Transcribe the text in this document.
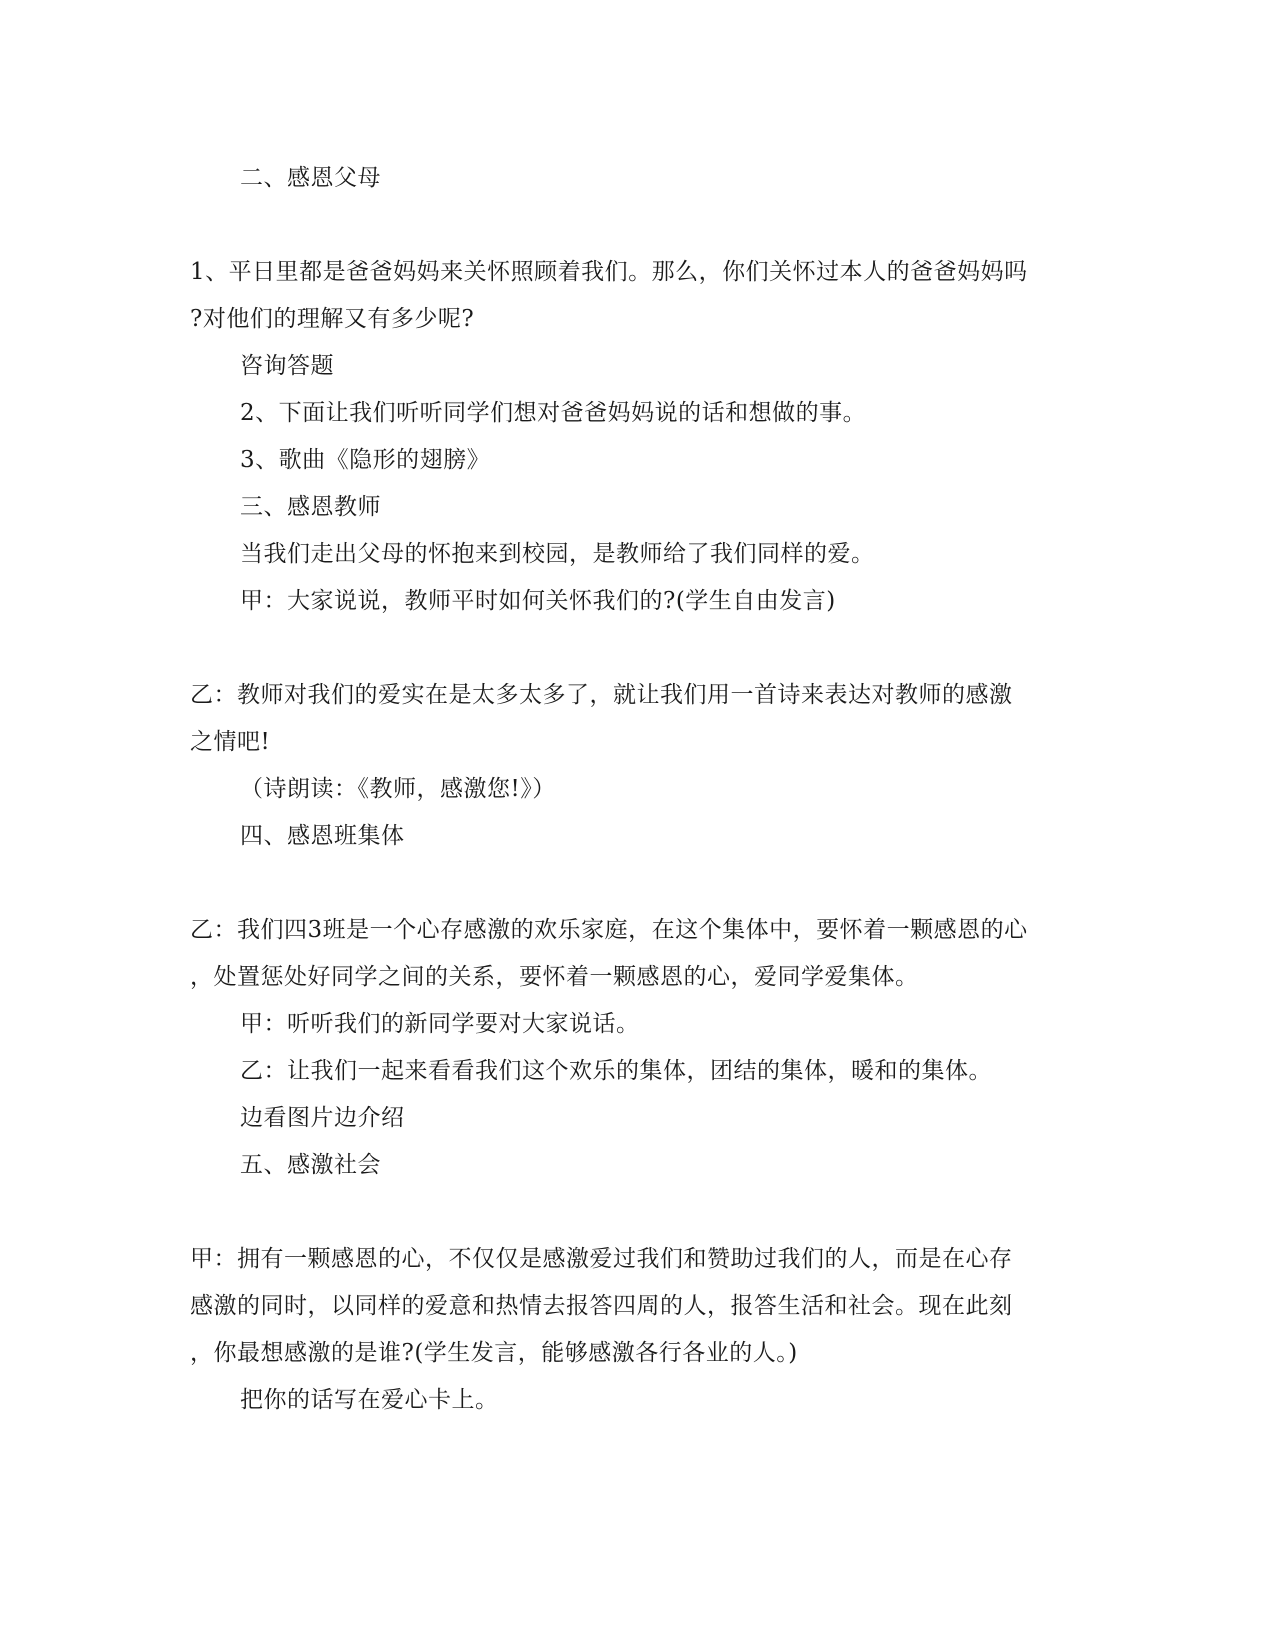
二、感恩父母
1、平日里都是爸爸妈妈来关怀照顾着我们。那么，你们关怀过本人的爸爸妈妈吗
?对他们的理解又有多少呢?
咨询答题
2、下面让我们听听同学们想对爸爸妈妈说的话和想做的事。
3、歌曲《隐形的翅膀》
三、感恩教师
当我们走出父母的怀抱来到校园，是教师给了我们同样的爱。
甲：大家说说，教师平时如何关怀我们的?(学生自由发言)
乙：教师对我们的爱实在是太多太多了，就让我们用一首诗来表达对教师的感激
之情吧!
（诗朗读：《教师，感激您!》）
四、感恩班集体
乙：我们四3班是一个心存感激的欢乐家庭，在这个集体中，要怀着一颗感恩的心
，处置惩处好同学之间的关系，要怀着一颗感恩的心，爱同学爱集体。
甲：听听我们的新同学要对大家说话。
乙：让我们一起来看看我们这个欢乐的集体，团结的集体，暖和的集体。
边看图片边介绍
五、感激社会
甲：拥有一颗感恩的心，不仅仅是感激爱过我们和赞助过我们的人，而是在心存
感激的同时，以同样的爱意和热情去报答四周的人，报答生活和社会。现在此刻
，你最想感激的是谁?(学生发言，能够感激各行各业的人。)
把你的话写在爱心卡上。
